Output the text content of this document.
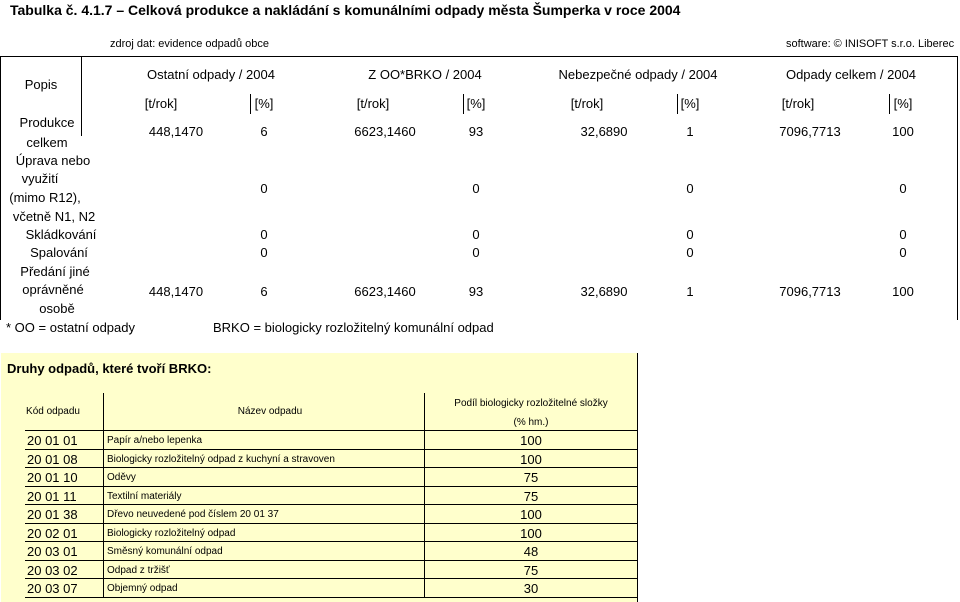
Tabulka č. 4.1.7 – Celková produkce a nakládání s komunálními odpady města Šumperka v roce 2004
zdroj dat: evidence odpadů obce	software: © INISOFT s.r.o. Liberec
Popis
Ostatní odpady / 2004	Z OO*BRKO / 2004	Nebezpečné odpady / 2004	Odpady celkem / 2004
[t/rok]	[%]	[t/rok]	[%]	[t/rok]	[%]	[t/rok]	[%]
Produkce
celkem
448,1470	6	6623,1460	93	32,6890	1	7096,7713	100
Úprava nebo
využití
(mimo R12),
včetně N1, N2
0	0	0	0
Skládkování	0	0	0	0
Spalování	0	0	0	0
Předání jiné
oprávněné
osobě
448,1470	6	6623,1460	93	32,6890	1	7096,7713	100
* OO = ostatní odpady	BRKO = biologicky rozložitelný komunální odpad
Druhy odpadů, které tvoří BRKO:
Kód odpadu	Název odpadu
Podíl biologicky rozložitelné složky
(% hm.)
20 01 01	Papír a/nebo lepenka	100
20 01 08	Biologicky rozložitelný odpad z kuchyní a stravoven	100
20 01 10	Oděvy	75
20 01 11	Textilní materiály	75
20 01 38	Dřevo neuvedené pod číslem 20 01 37	100
20 02 01	Biologicky rozložitelný odpad	100
20 03 01	Směsný komunální odpad	48
20 03 02	Odpad z tržišť	75
20 03 07	Objemný odpad	30
